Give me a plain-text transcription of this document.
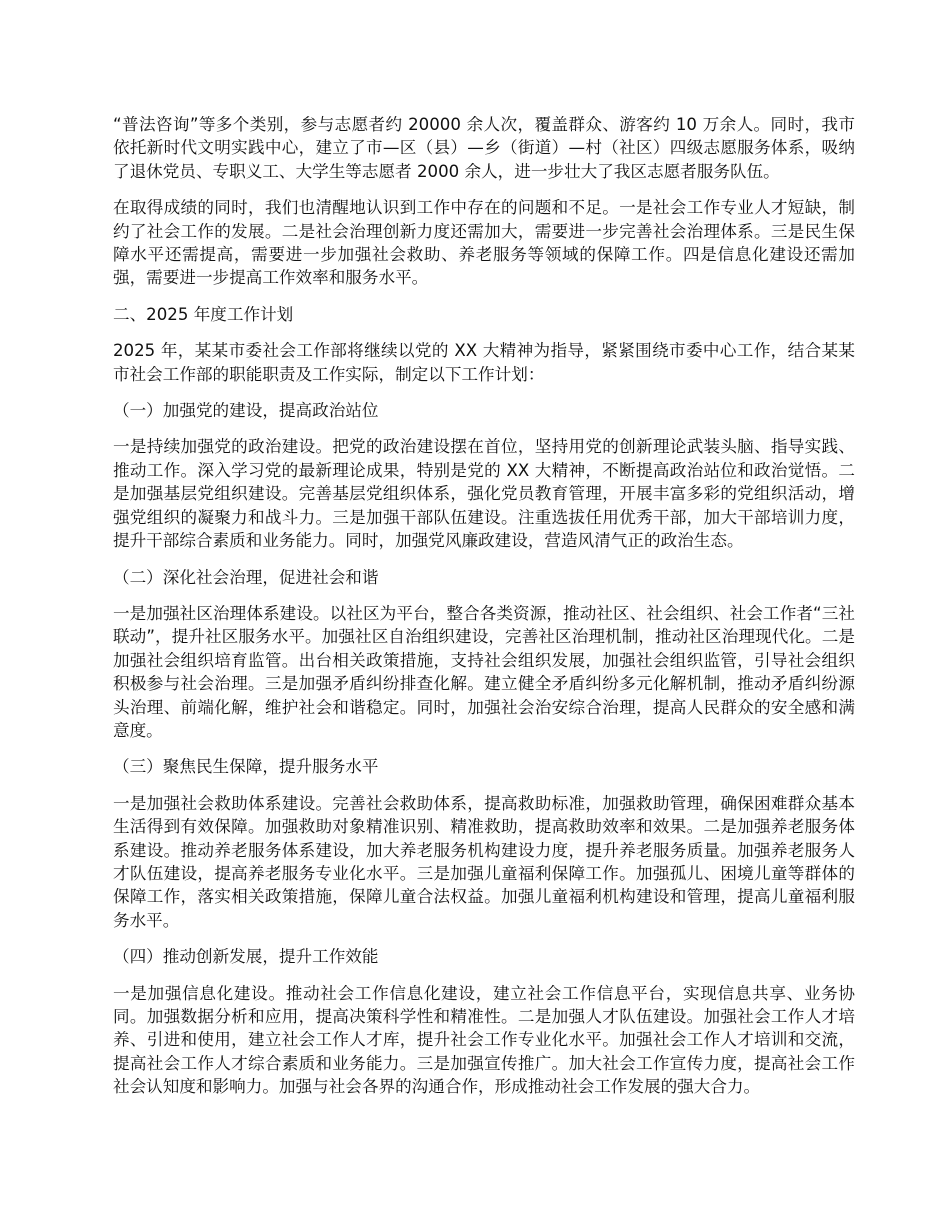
“普法咨询”等多个类别，参与志愿者约 20000 余人次，覆盖群众、游客约 10 万余人。同时，我市依托新时代文明实践中心，建立了市—区（县）—乡（街道）—村（社区）四级志愿服务体系，吸纳了退休党员、专职义工、大学生等志愿者 2000 余人，进一步壮大了我区志愿者服务队伍。

在取得成绩的同时，我们也清醒地认识到工作中存在的问题和不足。一是社会工作专业人才短缺，制约了社会工作的发展。二是社会治理创新力度还需加大，需要进一步完善社会治理体系。三是民生保障水平还需提高，需要进一步加强社会救助、养老服务等领域的保障工作。四是信息化建设还需加强，需要进一步提高工作效率和服务水平。

二、2025 年度工作计划

2025 年，某某市委社会工作部将继续以党的 XX 大精神为指导，紧紧围绕市委中心工作，结合某某市社会工作部的职能职责及工作实际，制定以下工作计划：

（一）加强党的建设，提高政治站位

一是持续加强党的政治建设。把党的政治建设摆在首位，坚持用党的创新理论武装头脑、指导实践、推动工作。深入学习党的最新理论成果，特别是党的 XX 大精神，不断提高政治站位和政治觉悟。二是加强基层党组织建设。完善基层党组织体系，强化党员教育管理，开展丰富多彩的党组织活动，增强党组织的凝聚力和战斗力。三是加强干部队伍建设。注重选拔任用优秀干部，加大干部培训力度，提升干部综合素质和业务能力。同时，加强党风廉政建设，营造风清气正的政治生态。

（二）深化社会治理，促进社会和谐

一是加强社区治理体系建设。以社区为平台，整合各类资源，推动社区、社会组织、社会工作者“三社联动”，提升社区服务水平。加强社区自治组织建设，完善社区治理机制，推动社区治理现代化。二是加强社会组织培育监管。出台相关政策措施，支持社会组织发展，加强社会组织监管，引导社会组织积极参与社会治理。三是加强矛盾纠纷排查化解。建立健全矛盾纠纷多元化解机制，推动矛盾纠纷源头治理、前端化解，维护社会和谐稳定。同时，加强社会治安综合治理，提高人民群众的安全感和满意度。

（三）聚焦民生保障，提升服务水平

一是加强社会救助体系建设。完善社会救助体系，提高救助标准，加强救助管理，确保困难群众基本生活得到有效保障。加强救助对象精准识别、精准救助，提高救助效率和效果。二是加强养老服务体系建设。推动养老服务体系建设，加大养老服务机构建设力度，提升养老服务质量。加强养老服务人才队伍建设，提高养老服务专业化水平。三是加强儿童福利保障工作。加强孤儿、困境儿童等群体的保障工作，落实相关政策措施，保障儿童合法权益。加强儿童福利机构建设和管理，提高儿童福利服务水平。

（四）推动创新发展，提升工作效能

一是加强信息化建设。推动社会工作信息化建设，建立社会工作信息平台，实现信息共享、业务协同。加强数据分析和应用，提高决策科学性和精准性。二是加强人才队伍建设。加强社会工作人才培养、引进和使用，建立社会工作人才库，提升社会工作专业化水平。加强社会工作人才培训和交流，提高社会工作人才综合素质和业务能力。三是加强宣传推广。加大社会工作宣传力度，提高社会工作社会认知度和影响力。加强与社会各界的沟通合作，形成推动社会工作发展的强大合力。
